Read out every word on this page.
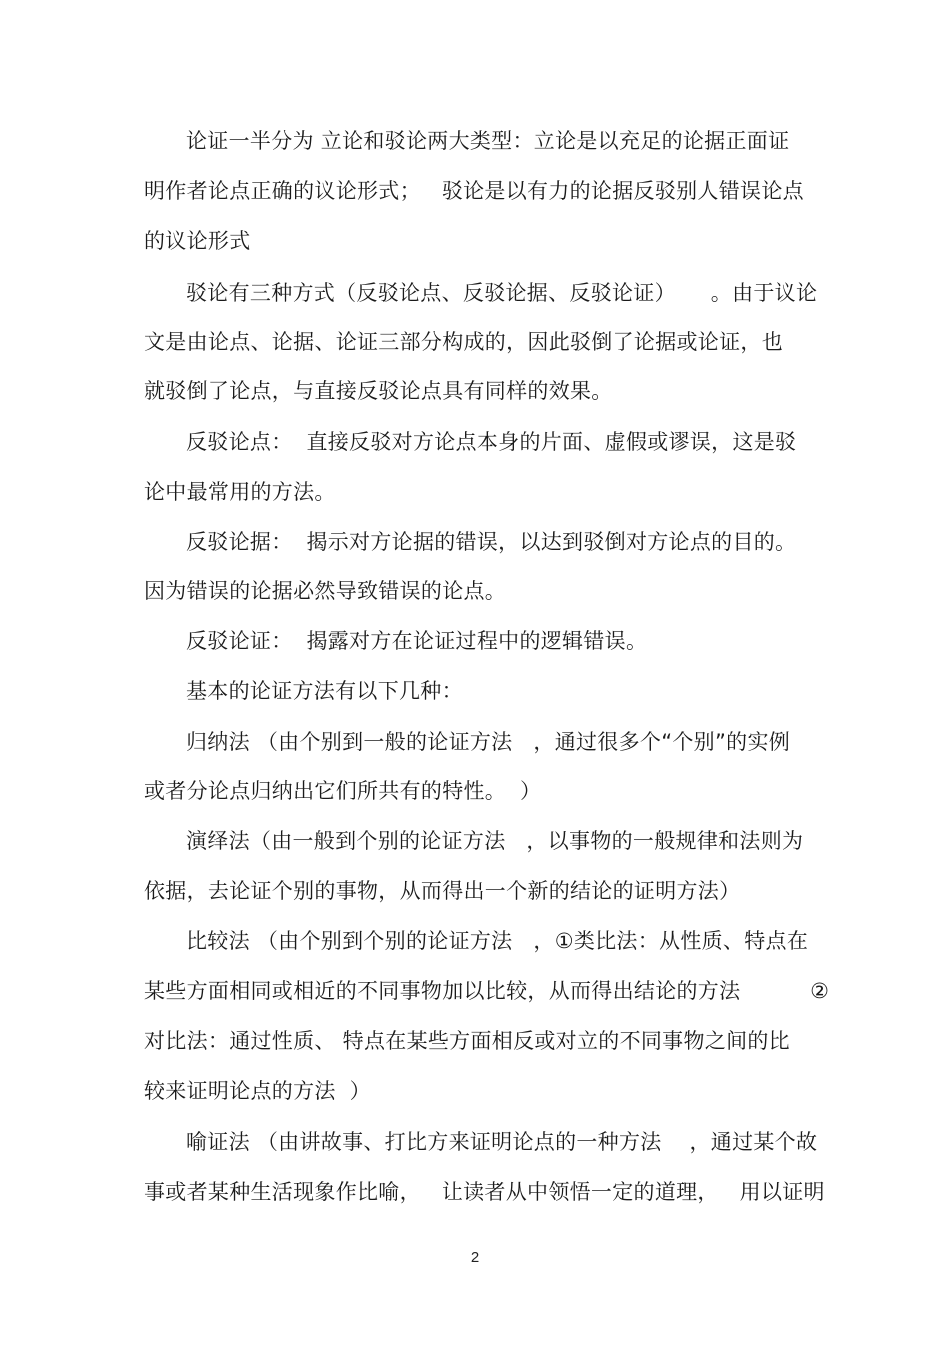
论证一半分为 立论和驳论两大类型：立论是以充足的论据正面证
明作者论点正确的议论形式；   驳论是以有力的论据反驳别人错误论点
的议论形式
驳论有三种方式（反驳论点、反驳论据、反驳论证）     。由于议论
文是由论点、论据、论证三部分构成的，因此驳倒了论据或论证，也
就驳倒了论点，与直接反驳论点具有同样的效果。
反驳论点：  直接反驳对方论点本身的片面、虚假或谬误，这是驳
论中最常用的方法。
反驳论据：  揭示对方论据的错误，以达到驳倒对方论点的目的。
因为错误的论据必然导致错误的论点。
反驳论证：  揭露对方在论证过程中的逻辑错误。
基本的论证方法有以下几种：
归纳法 （由个别到一般的论证方法   ，通过很多个“个别”的实例
或者分论点归纳出它们所共有的特性。  ）
演绎法（由一般到个别的论证方法   ，以事物的一般规律和法则为
依据，去论证个别的事物，从而得出一个新的结论的证明方法）
比较法 （由个别到个别的论证方法   ，①类比法：从性质、特点在
某些方面相同或相近的不同事物加以比较，从而得出结论的方法          ②
对比法：通过性质、 特点在某些方面相反或对立的不同事物之间的比
较来证明论点的方法  ）
喻证法 （由讲故事、打比方来证明论点的一种方法    ，通过某个故
事或者某种生活现象作比喻，   让读者从中领悟一定的道理，   用以证明
2
